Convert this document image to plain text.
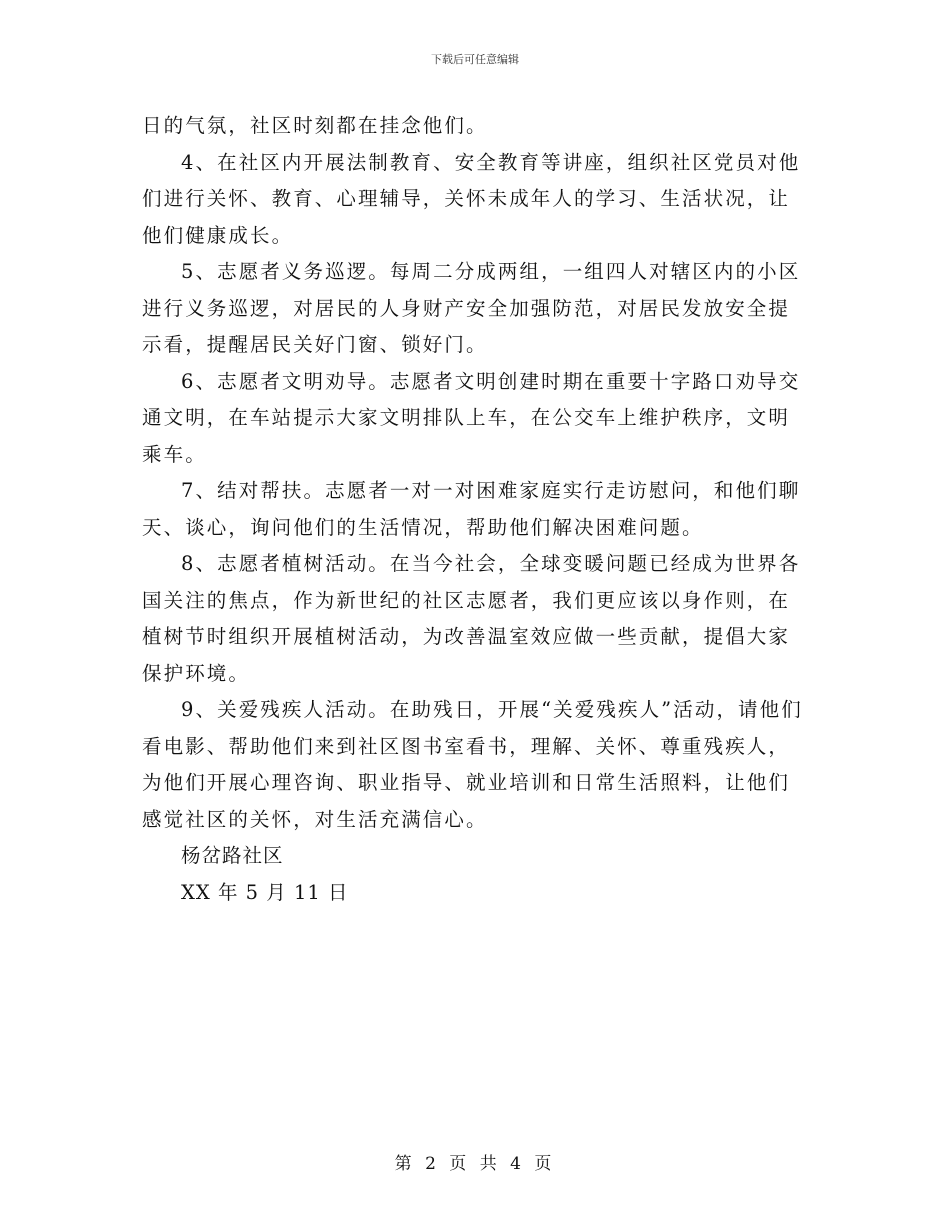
下载后可任意编辑

日的气氛，社区时刻都在挂念他们。

4、在社区内开展法制教育、安全教育等讲座，组织社区党员对他们进行关怀、教育、心理辅导，关怀未成年人的学习、生活状况，让他们健康成长。

5、志愿者义务巡逻。每周二分成两组，一组四人对辖区内的小区进行义务巡逻，对居民的人身财产安全加强防范，对居民发放安全提示看，提醒居民关好门窗、锁好门。

6、志愿者文明劝导。志愿者文明创建时期在重要十字路口劝导交通文明，在车站提示大家文明排队上车，在公交车上维护秩序，文明乘车。

7、结对帮扶。志愿者一对一对困难家庭实行走访慰问，和他们聊天、谈心，询问他们的生活情况，帮助他们解决困难问题。

8、志愿者植树活动。在当今社会，全球变暖问题已经成为世界各国关注的焦点，作为新世纪的社区志愿者，我们更应该以身作则，在植树节时组织开展植树活动，为改善温室效应做一些贡献，提倡大家保护环境。

9、关爱残疾人活动。在助残日，开展“关爱残疾人”活动，请他们看电影、帮助他们来到社区图书室看书，理解、关怀、尊重残疾人，为他们开展心理咨询、职业指导、就业培训和日常生活照料，让他们感觉社区的关怀，对生活充满信心。

杨岔路社区

XX 年 5 月 11 日

第 2 页 共 4 页
